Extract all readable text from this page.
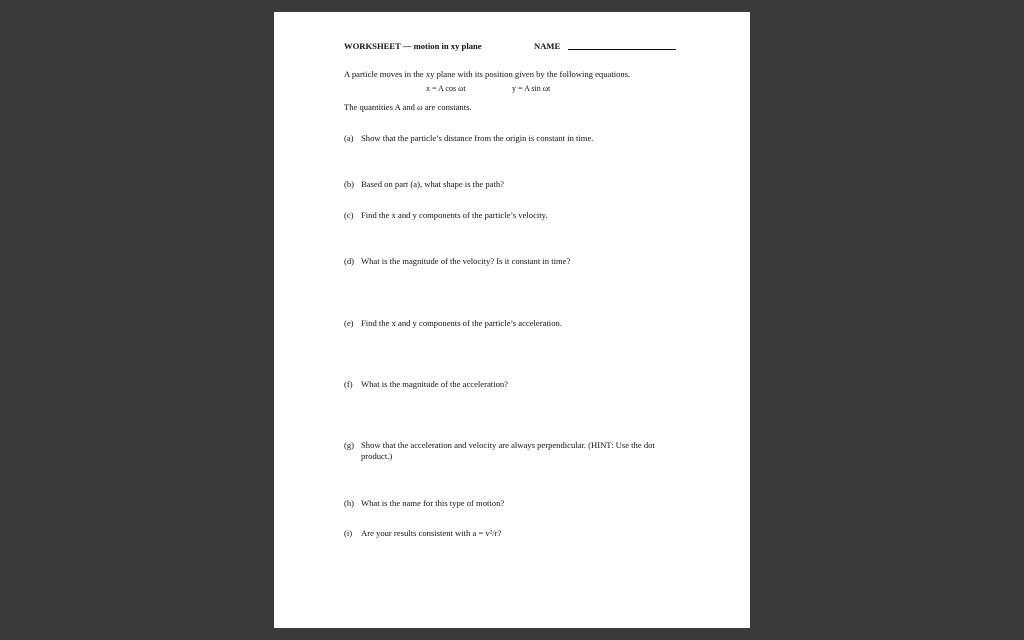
WORKSHEET — motion in xy plane	NAME
A particle moves in the xy plane with its position given by the following equations.
x = A cos ωt	y = A sin ωt
The quantities A and ω are constants.
(a) Show that the particle’s distance from the origin is constant in time.
(b) Based on part (a), what shape is the path?
(c) Find the x and y components of the particle’s velocity.
(d) What is the magnitude of the velocity? Is it constant in time?
(e) Find the x and y components of the particle’s acceleration.
(f) What is the magnitude of the acceleration?
(g) Show that the acceleration and velocity are always perpendicular. (HINT: Use the dot product.)
(h) What is the name for this type of motion?
(i) Are your results consistent with a = v²/r?
